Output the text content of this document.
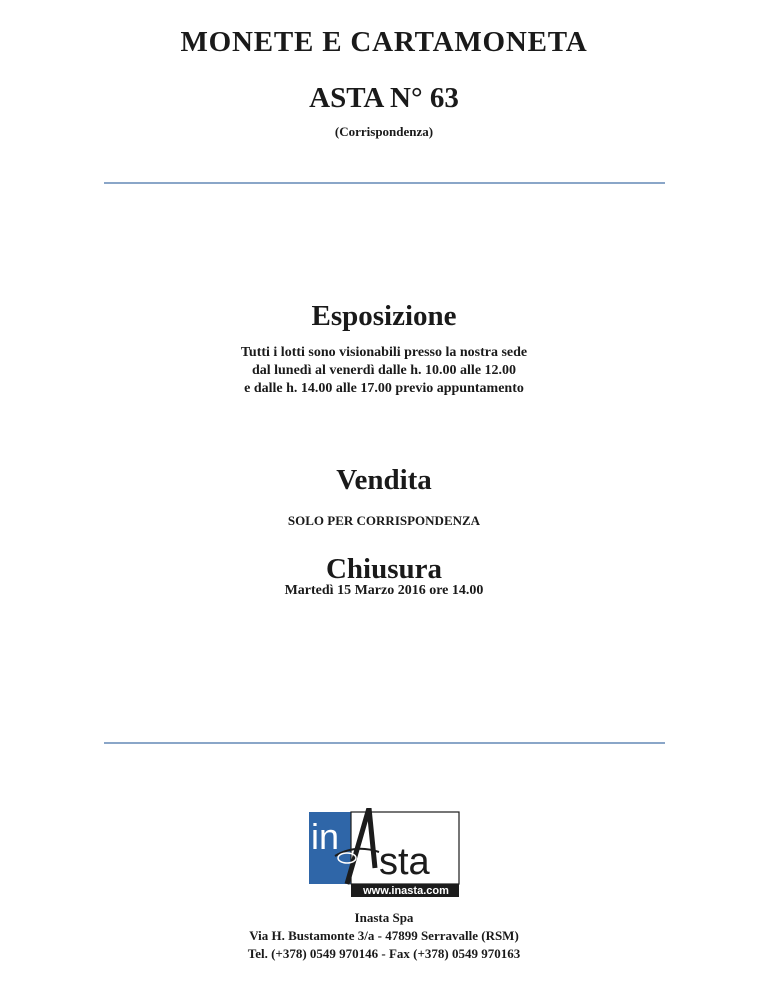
MONETE E CARTAMONETA
ASTA N° 63
(Corrispondenza)
Esposizione
Tutti i lotti sono visionabili presso la nostra sede
dal lunedì al venerdì dalle h. 10.00 alle 12.00
e dalle h. 14.00 alle 17.00 previo appuntamento
Vendita
SOLO PER CORRISPONDENZA
Chiusura
Martedì 15 Marzo 2016 ore 14.00
www.inasta.com
in
sta
Inasta Spa
Via H. Bustamonte 3/a - 47899 Serravalle (RSM)
Tel. (+378) 0549 970146 - Fax (+378) 0549 970163
